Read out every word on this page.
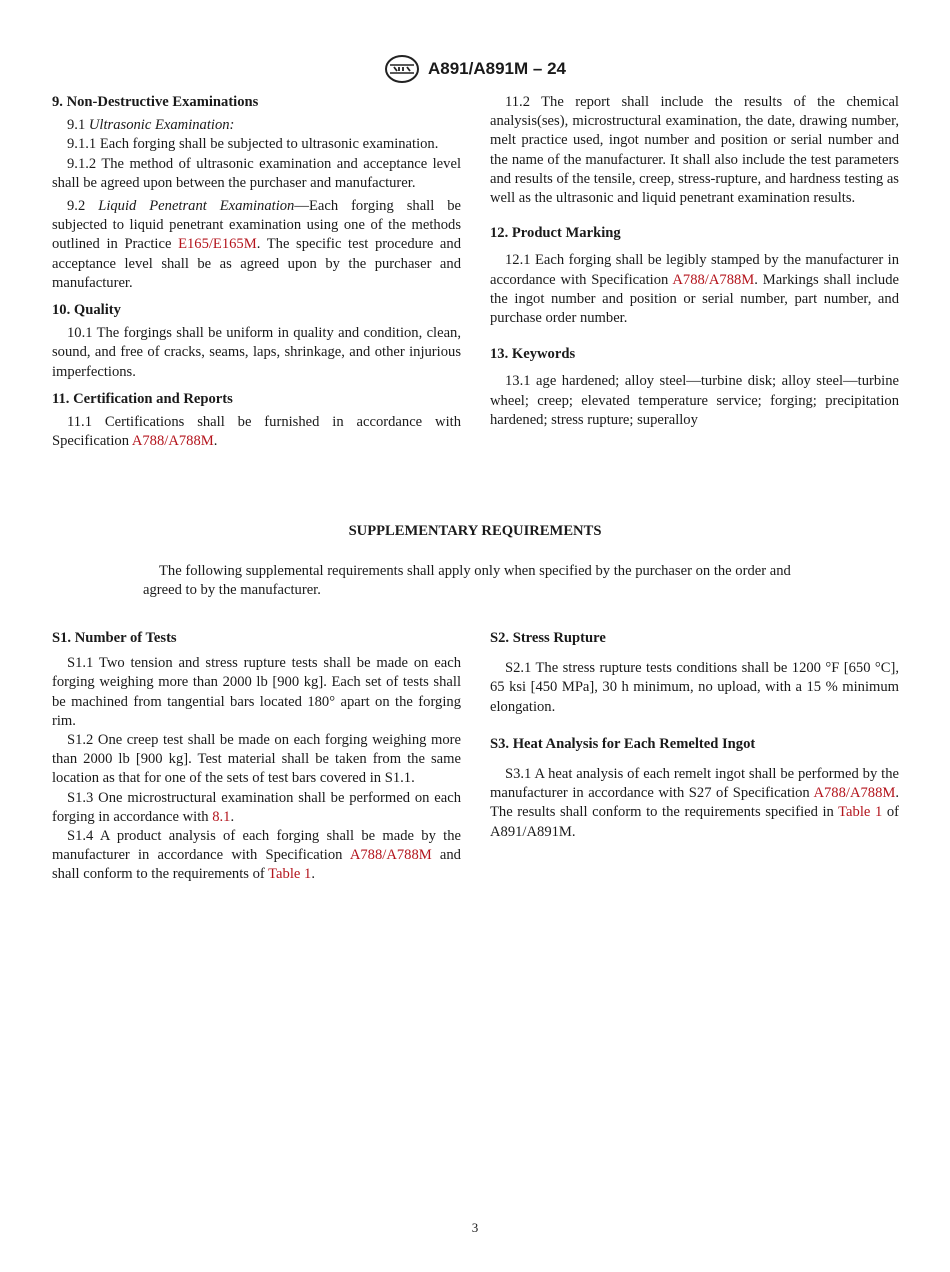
A891/A891M – 24

9. Non-Destructive Examinations

9.1 Ultrasonic Examination:

9.1.1 Each forging shall be subjected to ultrasonic examination.

9.1.2 The method of ultrasonic examination and acceptance level shall be agreed upon between the purchaser and manufacturer.

9.2 Liquid Penetrant Examination—Each forging shall be subjected to liquid penetrant examination using one of the methods outlined in Practice E165/E165M. The specific test procedure and acceptance level shall be as agreed upon by the purchaser and manufacturer.

10. Quality

10.1 The forgings shall be uniform in quality and condition, clean, sound, and free of cracks, seams, laps, shrinkage, and other injurious imperfections.

11. Certification and Reports

11.1 Certifications shall be furnished in accordance with Specification A788/A788M.

11.2 The report shall include the results of the chemical analysis(ses), microstructural examination, the date, drawing number, melt practice used, ingot number and position or serial number and the name of the manufacturer. It shall also include the test parameters and results of the tensile, creep, stress-rupture, and hardness testing as well as the ultrasonic and liquid penetrant examination results.

12. Product Marking

12.1 Each forging shall be legibly stamped by the manufacturer in accordance with Specification A788/A788M. Markings shall include the ingot number and position or serial number, part number, and purchase order number.

13. Keywords

13.1 age hardened; alloy steel—turbine disk; alloy steel—turbine wheel; creep; elevated temperature service; forging; precipitation hardened; stress rupture; superalloy

SUPPLEMENTARY REQUIREMENTS
The following supplemental requirements shall apply only when specified by the purchaser on the order and agreed to by the manufacturer.

S1. Number of Tests

S1.1 Two tension and stress rupture tests shall be made on each forging weighing more than 2000 lb [900 kg]. Each set of tests shall be machined from tangential bars located 180° apart on the forging rim.

S1.2 One creep test shall be made on each forging weighing more than 2000 lb [900 kg]. Test material shall be taken from the same location as that for one of the sets of test bars covered in S1.1.

S1.3 One microstructural examination shall be performed on each forging in accordance with 8.1.

S1.4 A product analysis of each forging shall be made by the manufacturer in accordance with Specification A788/A788M and shall conform to the requirements of Table 1.

S2. Stress Rupture

S2.1 The stress rupture tests conditions shall be 1200 °F [650 °C], 65 ksi [450 MPa], 30 h minimum, no upload, with a 15 % minimum elongation.

S3. Heat Analysis for Each Remelted Ingot

S3.1 A heat analysis of each remelt ingot shall be performed by the manufacturer in accordance with S27 of Specification A788/A788M. The results shall conform to the requirements specified in Table 1 of A891/A891M.

3
